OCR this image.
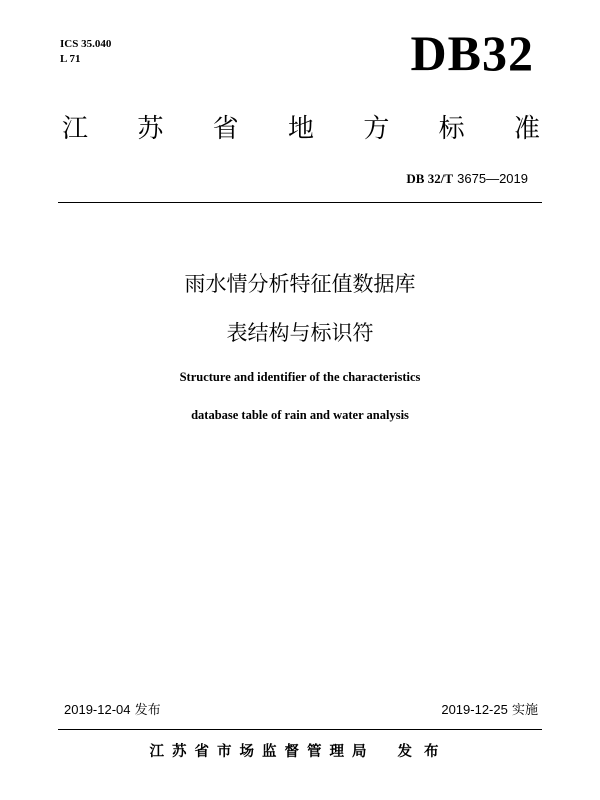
ICS 35.040
L 71	DB32
江 苏 省 地 方 标 准
DB 32/T 3675—2019
雨水情分析特征值数据库
表结构与标识符
Structure and identifier of the characteristics
database table of rain and water analysis
2019-12-04 发布	2019-12-25 实施
江苏省市场监督管理局 发布
